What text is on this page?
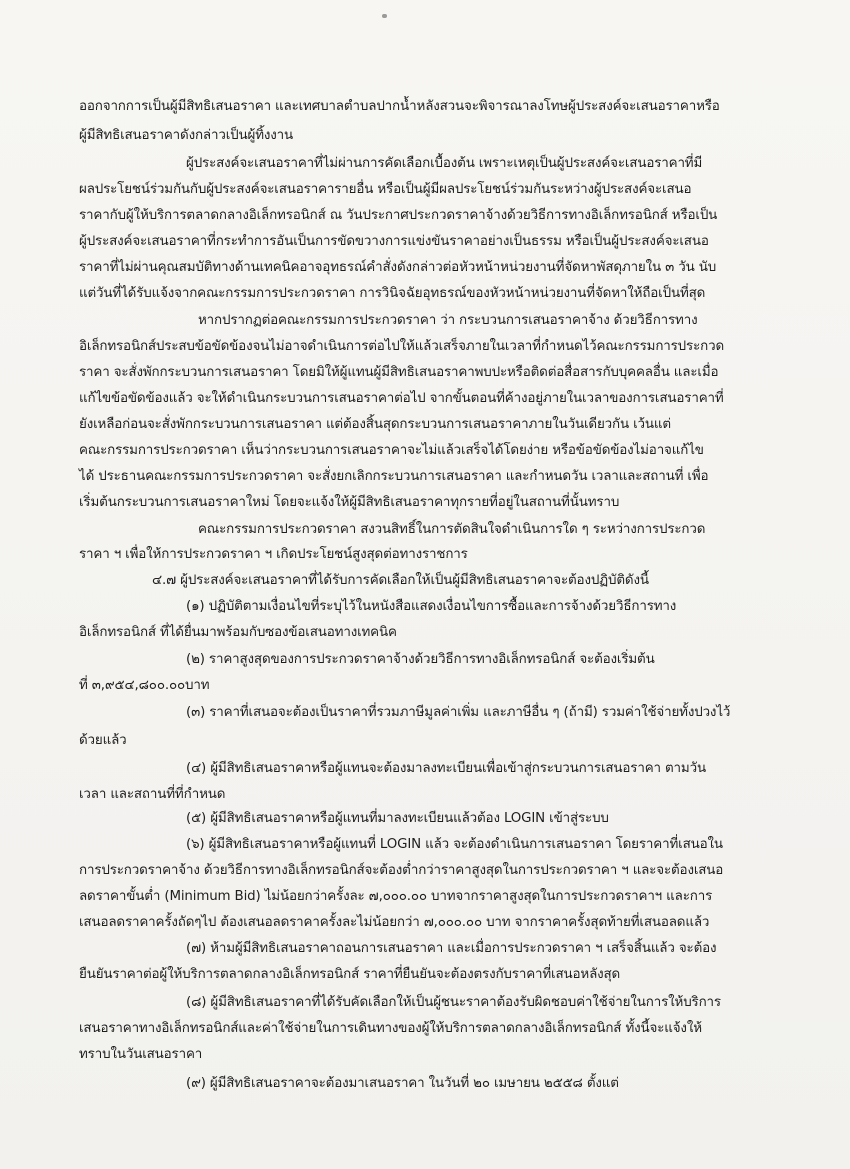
ออกจากการเป็นผู้มีสิทธิเสนอราคา และเทศบาลตำบลปากน้ำหลังสวนจะพิจารณาลงโทษผู้ประสงค์จะเสนอราคาหรือ
ผู้มีสิทธิเสนอราคาดังกล่าวเป็นผู้ทิ้งงาน
ผู้ประสงค์จะเสนอราคาที่ไม่ผ่านการคัดเลือกเบื้องต้น เพราะเหตุเป็นผู้ประสงค์จะเสนอราคาที่มี
ผลประโยชน์ร่วมกันกับผู้ประสงค์จะเสนอราคารายอื่น หรือเป็นผู้มีผลประโยชน์ร่วมกันระหว่างผู้ประสงค์จะเสนอ
ราคากับผู้ให้บริการตลาดกลางอิเล็กทรอนิกส์ ณ วันประกาศประกวดราคาจ้างด้วยวิธีการทางอิเล็กทรอนิกส์ หรือเป็น
ผู้ประสงค์จะเสนอราคาที่กระทำการอันเป็นการขัดขวางการแข่งขันราคาอย่างเป็นธรรม หรือเป็นผู้ประสงค์จะเสนอ
ราคาที่ไม่ผ่านคุณสมบัติทางด้านเทคนิคอาจอุทธรณ์คำสั่งดังกล่าวต่อหัวหน้าหน่วยงานที่จัดหาพัสดุภายใน ๓ วัน นับ
แต่วันที่ได้รับแจ้งจากคณะกรรมการประกวดราคา การวินิจฉัยอุทธรณ์ของหัวหน้าหน่วยงานที่จัดหาให้ถือเป็นที่สุด
หากปรากฏต่อคณะกรรมการประกวดราคา ว่า กระบวนการเสนอราคาจ้าง ด้วยวิธีการทาง
อิเล็กทรอนิกส์ประสบข้อขัดข้องจนไม่อาจดำเนินการต่อไปให้แล้วเสร็จภายในเวลาที่กำหนดไว้คณะกรรมการประกวด
ราคา จะสั่งพักกระบวนการเสนอราคา โดยมิให้ผู้แทนผู้มีสิทธิเสนอราคาพบปะหรือติดต่อสื่อสารกับบุคคลอื่น และเมื่อ
แก้ไขข้อขัดข้องแล้ว จะให้ดำเนินกระบวนการเสนอราคาต่อไป จากขั้นตอนที่ค้างอยู่ภายในเวลาของการเสนอราคาที่
ยังเหลือก่อนจะสั่งพักกระบวนการเสนอราคา แต่ต้องสิ้นสุดกระบวนการเสนอราคาภายในวันเดียวกัน เว้นแต่
คณะกรรมการประกวดราคา เห็นว่ากระบวนการเสนอราคาจะไม่แล้วเสร็จได้โดยง่าย หรือข้อขัดข้องไม่อาจแก้ไข
ได้ ประธานคณะกรรมการประกวดราคา จะสั่งยกเลิกกระบวนการเสนอราคา และกำหนดวัน เวลาและสถานที่ เพื่อ
เริ่มต้นกระบวนการเสนอราคาใหม่ โดยจะแจ้งให้ผู้มีสิทธิเสนอราคาทุกรายที่อยู่ในสถานที่นั้นทราบ
คณะกรรมการประกวดราคา สงวนสิทธิ์ในการตัดสินใจดำเนินการใด ๆ ระหว่างการประกวด
ราคา ฯ เพื่อให้การประกวดราคา ฯ เกิดประโยชน์สูงสุดต่อทางราชการ
๔.๗ ผู้ประสงค์จะเสนอราคาที่ได้รับการคัดเลือกให้เป็นผู้มีสิทธิเสนอราคาจะต้องปฏิบัติดังนี้
(๑) ปฏิบัติตามเงื่อนไขที่ระบุไว้ในหนังสือแสดงเงื่อนไขการซื้อและการจ้างด้วยวิธีการทาง
อิเล็กทรอนิกส์ ที่ได้ยื่นมาพร้อมกับซองข้อเสนอทางเทคนิค
(๒) ราคาสูงสุดของการประกวดราคาจ้างด้วยวิธีการทางอิเล็กทรอนิกส์ จะต้องเริ่มต้น
ที่ ๓,๙๕๔,๘๐๐.๐๐บาท
(๓) ราคาที่เสนอจะต้องเป็นราคาที่รวมภาษีมูลค่าเพิ่ม และภาษีอื่น ๆ (ถ้ามี) รวมค่าใช้จ่ายทั้งปวงไว้
ด้วยแล้ว
(๔) ผู้มีสิทธิเสนอราคาหรือผู้แทนจะต้องมาลงทะเบียนเพื่อเข้าสู่กระบวนการเสนอราคา ตามวัน
เวลา และสถานที่ที่กำหนด
(๕) ผู้มีสิทธิเสนอราคาหรือผู้แทนที่มาลงทะเบียนแล้วต้อง LOGIN เข้าสู่ระบบ
(๖) ผู้มีสิทธิเสนอราคาหรือผู้แทนที่ LOGIN แล้ว จะต้องดำเนินการเสนอราคา โดยราคาที่เสนอใน
การประกวดราคาจ้าง ด้วยวิธีการทางอิเล็กทรอนิกส์จะต้องต่ำกว่าราคาสูงสุดในการประกวดราคา ฯ และจะต้องเสนอ
ลดราคาขั้นต่ำ (Minimum Bid) ไม่น้อยกว่าครั้งละ ๗,๐๐๐.๐๐ บาทจากราคาสูงสุดในการประกวดราคาฯ และการ
เสนอลดราคาครั้งถัดๆไป ต้องเสนอลดราคาครั้งละไม่น้อยกว่า ๗,๐๐๐.๐๐ บาท จากราคาครั้งสุดท้ายที่เสนอลดแล้ว
(๗) ห้ามผู้มีสิทธิเสนอราคาถอนการเสนอราคา และเมื่อการประกวดราคา ฯ เสร็จสิ้นแล้ว จะต้อง
ยืนยันราคาต่อผู้ให้บริการตลาดกลางอิเล็กทรอนิกส์ ราคาที่ยืนยันจะต้องตรงกับราคาที่เสนอหลังสุด
(๘) ผู้มีสิทธิเสนอราคาที่ได้รับคัดเลือกให้เป็นผู้ชนะราคาต้องรับผิดชอบค่าใช้จ่ายในการให้บริการ
เสนอราคาทางอิเล็กทรอนิกส์และค่าใช้จ่ายในการเดินทางของผู้ให้บริการตลาดกลางอิเล็กทรอนิกส์ ทั้งนี้จะแจ้งให้
ทราบในวันเสนอราคา
(๙) ผู้มีสิทธิเสนอราคาจะต้องมาเสนอราคา ในวันที่ ๒๐ เมษายน ๒๕๕๘ ตั้งแต่
